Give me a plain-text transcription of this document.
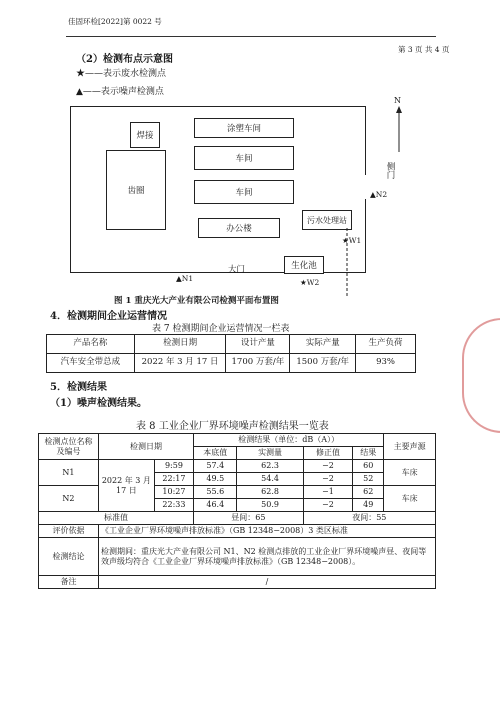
佳固环检[2022]第 0022 号
第 3 页 共 4 页
（2）检测布点示意图
★——表示废水检测点
▲——表示噪声检测点
焊接
齿圈
涂塑车间
车间
车间
办公楼
污水处理站
生化池
N
侧门
大门
▲N1
▲N2
★W1
★W2
图 1 重庆光大产业有限公司检测平面布置图
4．检测期间企业运营情况
表 7 检测期间企业运营情况一栏表
产品名称	检测日期	设计产量	实际产量	生产负荷
汽车安全带总成	2022 年 3 月 17 日	1700 万套/年	1500 万套/年	93%
5．检测结果
（1）噪声检测结果。
表 8 工业企业厂界环境噪声检测结果一览表
检测点位名称及编号	检测日期		检测结果（单位：dB（A））				主要声源
			本底值	实测量	修正值	结果	
N1	2022 年 3 月 17 日	9:59	57.4	62.3	−2	60	车床
		22:17	49.5	54.4	−2	52	
N2		10:27	55.6	62.8	−1	62	车床
		22:33	46.4	50.9	−2	49	
标准值			昼间：65		夜间：55		
评价依据	《工业企业厂界环境噪声排放标准》（GB 12348−2008）3 类区标准						
检测结论	检测期间：重庆光大产业有限公司 N1、N2 检测点排放的工业企业厂界环境噪声昼、夜间等效声级均符合《工业企业厂界环境噪声排放标准》（GB 12348−2008）。						
备注	/						
